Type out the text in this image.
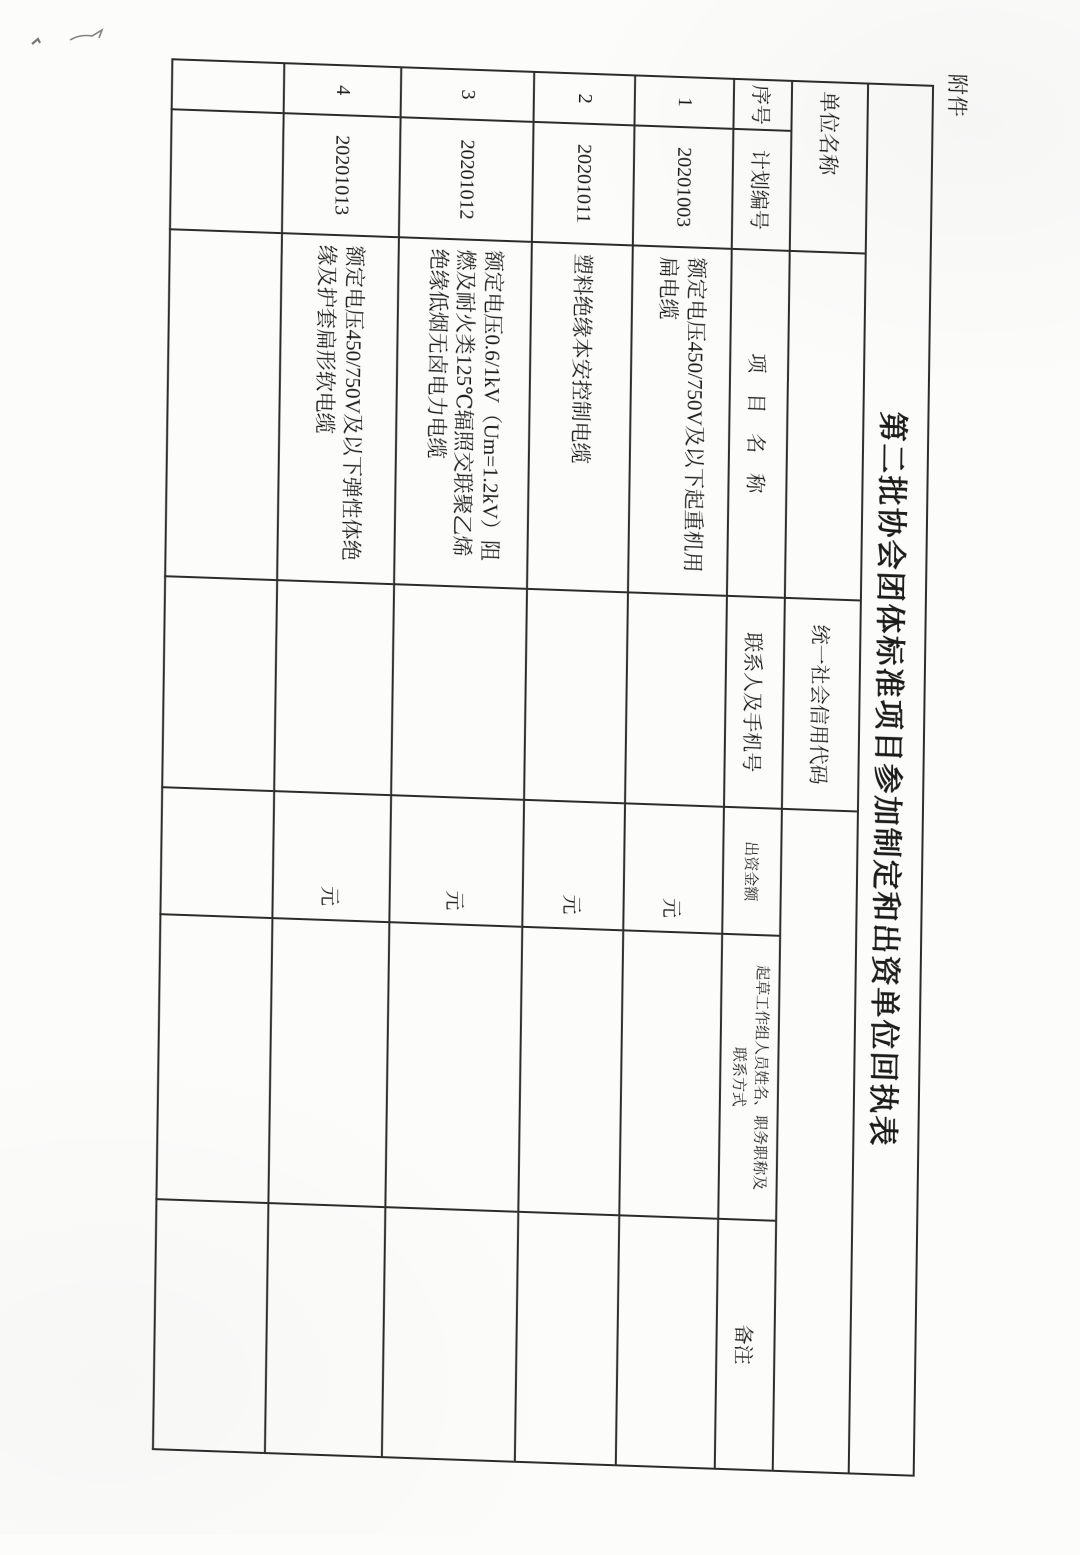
附件
第二批协会团体标准项目参加制定和出资单位回执表
单位名称
统一社会信用代码
序号
计划编号
项　目　名　称
联系人及手机号
出资金额
起草工作组人员姓名、职务职称及联系方式
备注
1
20201003
额定电压450/750V及以下起重机用扁电缆
元
2
20201011
塑料绝缘本安控制电缆
元
3
20201012
额定电压0.6/1kV（Um=1.2kV）阻燃及耐火类125℃辐照交联聚乙烯绝缘低烟无卤电力电缆
元
4
20201013
额定电压450/750V及以下弹性体绝缘及护套扁形软电缆
元
